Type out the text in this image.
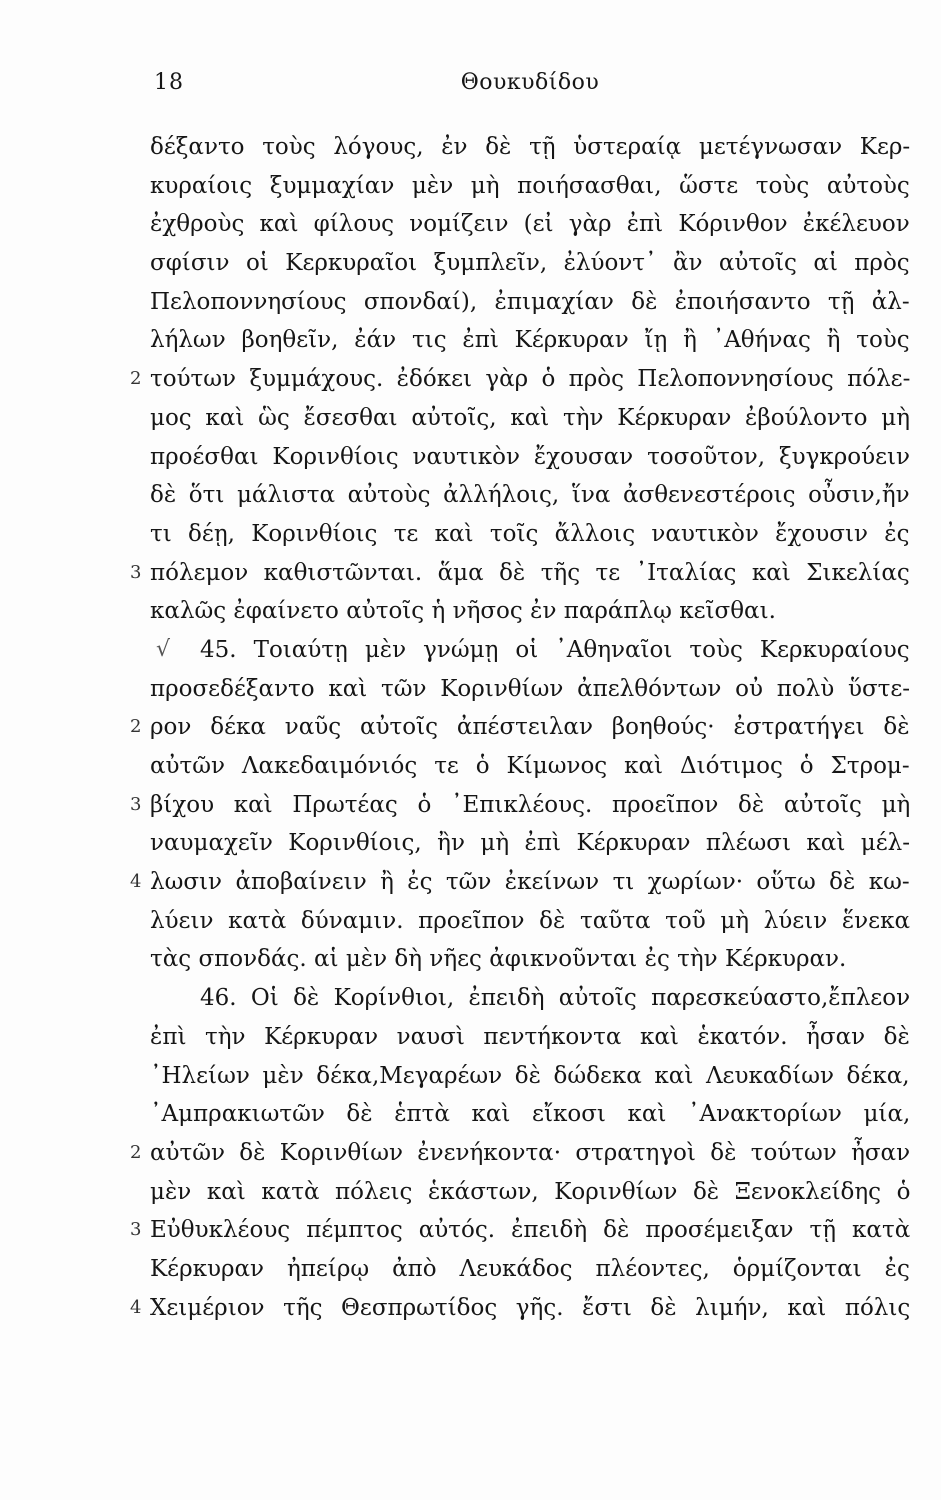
18	Θουκυδίδου
δέξαντο τοὺς λόγους, ἐν δὲ τῇ ὑστεραίᾳ μετέγνωσαν Κερ-
κυραίοις ξυμμαχίαν μὲν μὴ ποιήσασθαι, ὥστε τοὺς αὐτοὺς
ἐχθροὺς καὶ φίλους νομίζειν (εἰ γὰρ ἐπὶ Κόρινθον ἐκέλευον
σφίσιν οἱ Κερκυραῖοι ξυμπλεῖν, ἐλύοντ᾽ ἂν αὐτοῖς αἱ πρὸς
Πελοποννησίους σπονδαί), ἐπιμαχίαν δὲ ἐποιήσαντο τῇ ἀλ-
λήλων βοηθεῖν, ἐάν τις ἐπὶ Κέρκυραν ἴῃ ἢ ᾽Αθήνας ἢ τοὺς
2 τούτων ξυμμάχους. ἐδόκει γὰρ ὁ πρὸς Πελοποννησίους πόλε-
μος καὶ ὣς ἔσεσθαι αὐτοῖς, καὶ τὴν Κέρκυραν ἐβούλοντο μὴ
προέσθαι Κορινθίοις ναυτικὸν ἔχουσαν τοσοῦτον, ξυγκρούειν
δὲ ὅτι μάλιστα αὐτοὺς ἀλλήλοις, ἵνα ἀσθενεστέροις οὖσιν,ἤν
τι δέῃ, Κορινθίοις τε καὶ τοῖς ἄλλοις ναυτικὸν ἔχουσιν ἐς
3 πόλεμον καθιστῶνται. ἅμα δὲ τῆς τε ᾽Ιταλίας καὶ Σικελίας
καλῶς ἐφαίνετο αὐτοῖς ἡ νῆσος ἐν παράπλῳ κεῖσθαι.
√ 45. Τοιαύτῃ μὲν γνώμῃ οἱ ᾽Αθηναῖοι τοὺς Κερκυραίους
προσεδέξαντο καὶ τῶν Κορινθίων ἀπελθόντων οὐ πολὺ ὕστε-
2 ρον δέκα ναῦς αὐτοῖς ἀπέστειλαν βοηθούς· ἐστρατήγει δὲ
αὐτῶν Λακεδαιμόνιός τε ὁ Κίμωνος καὶ Διότιμος ὁ Στρομ-
3 βίχου καὶ Πρωτέας ὁ ᾽Επικλέους. προεῖπον δὲ αὐτοῖς μὴ
ναυμαχεῖν Κορινθίοις, ἢν μὴ ἐπὶ Κέρκυραν πλέωσι καὶ μέλ-
4 λωσιν ἀποβαίνειν ἢ ἐς τῶν ἐκείνων τι χωρίων· οὕτω δὲ κω-
λύειν κατὰ δύναμιν. προεῖπον δὲ ταῦτα τοῦ μὴ λύειν ἕνεκα
τὰς σπονδάς. αἱ μὲν δὴ νῆες ἀφικνοῦνται ἐς τὴν Κέρκυραν.
46. Οἱ δὲ Κορίνθιοι, ἐπειδὴ αὐτοῖς παρεσκεύαστο,ἔπλεον
ἐπὶ τὴν Κέρκυραν ναυσὶ πεντήκοντα καὶ ἑκατόν. ἦσαν δὲ
᾽Ηλείων μὲν δέκα,Μεγαρέων δὲ δώδεκα καὶ Λευκαδίων δέκα,
᾽Αμπρακιωτῶν δὲ ἑπτὰ καὶ εἴκοσι καὶ ᾽Ανακτορίων μία,
2 αὐτῶν δὲ Κορινθίων ἐνενήκοντα· στρατηγοὶ δὲ τούτων ἦσαν
μὲν καὶ κατὰ πόλεις ἑκάστων, Κορινθίων δὲ Ξενοκλείδης ὁ
3 Εὐθυκλέους πέμπτος αὐτός. ἐπειδὴ δὲ προσέμειξαν τῇ κατὰ
Κέρκυραν ἠπείρῳ ἀπὸ Λευκάδος πλέοντες, ὁρμίζονται ἐς
4 Χειμέριον τῆς Θεσπρωτίδος γῆς. ἔστι δὲ λιμήν, καὶ πόλις
